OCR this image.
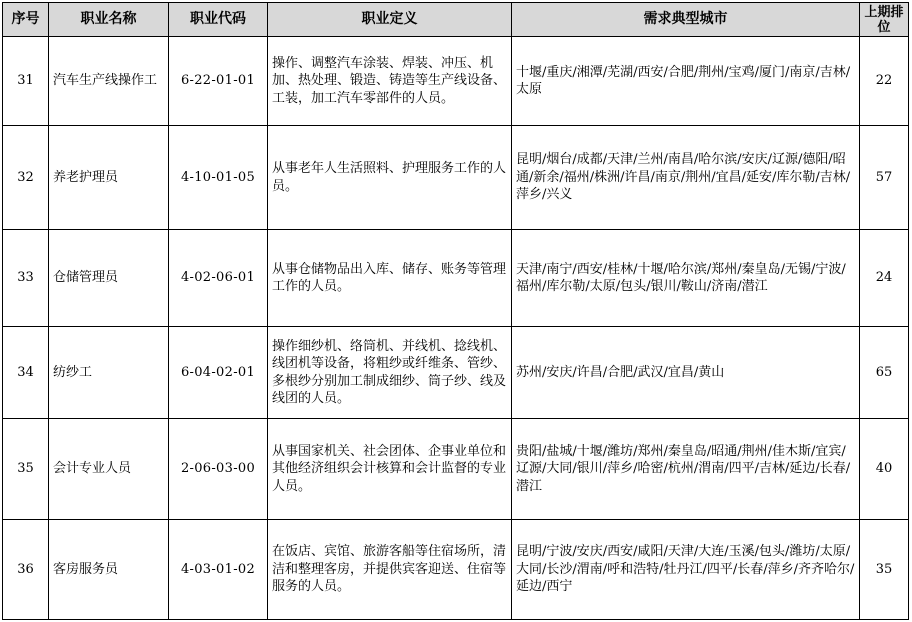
序号	职业名称	职业代码	职业定义	需求典型城市	上期排位
31	汽车生产线操作工	6-22-01-01	操作、调整汽车涂装、焊装、冲压、机加、热处理、锻造、铸造等生产线设备、工装，加工汽车零部件的人员。	十堰/重庆/湘潭/芜湖/西安/合肥/荆州/宝鸡/厦门/南京/吉林/太原	22
32	养老护理员	4-10-01-05	从事老年人生活照料、护理服务工作的人员。	昆明/烟台/成都/天津/兰州/南昌/哈尔滨/安庆/辽源/德阳/昭通/新余/福州/株洲/许昌/南京/荆州/宜昌/延安/库尔勒/吉林/萍乡/兴义	57
33	仓储管理员	4-02-06-01	从事仓储物品出入库、储存、账务等管理工作的人员。	天津/南宁/西安/桂林/十堰/哈尔滨/郑州/秦皇岛/无锡/宁波/福州/库尔勒/太原/包头/银川/鞍山/济南/潜江	24
34	纺纱工	6-04-02-01	操作细纱机、络筒机、并线机、捻线机、线团机等设备，将粗纱或纤维条、管纱、多根纱分别加工制成细纱、筒子纱、线及线团的人员。	苏州/安庆/许昌/合肥/武汉/宜昌/黄山	65
35	会计专业人员	2-06-03-00	从事国家机关、社会团体、企事业单位和其他经济组织会计核算和会计监督的专业人员。	贵阳/盐城/十堰/潍坊/郑州/秦皇岛/昭通/荆州/佳木斯/宜宾/辽源/大同/银川/萍乡/哈密/杭州/渭南/四平/吉林/延边/长春/潜江	40
36	客房服务员	4-03-01-02	在饭店、宾馆、旅游客船等住宿场所，清洁和整理客房，并提供宾客迎送、住宿等服务的人员。	昆明/宁波/安庆/西安/咸阳/天津/大连/玉溪/包头/潍坊/太原/大同/长沙/渭南/呼和浩特/牡丹江/四平/长春/萍乡/齐齐哈尔/延边/西宁	35
